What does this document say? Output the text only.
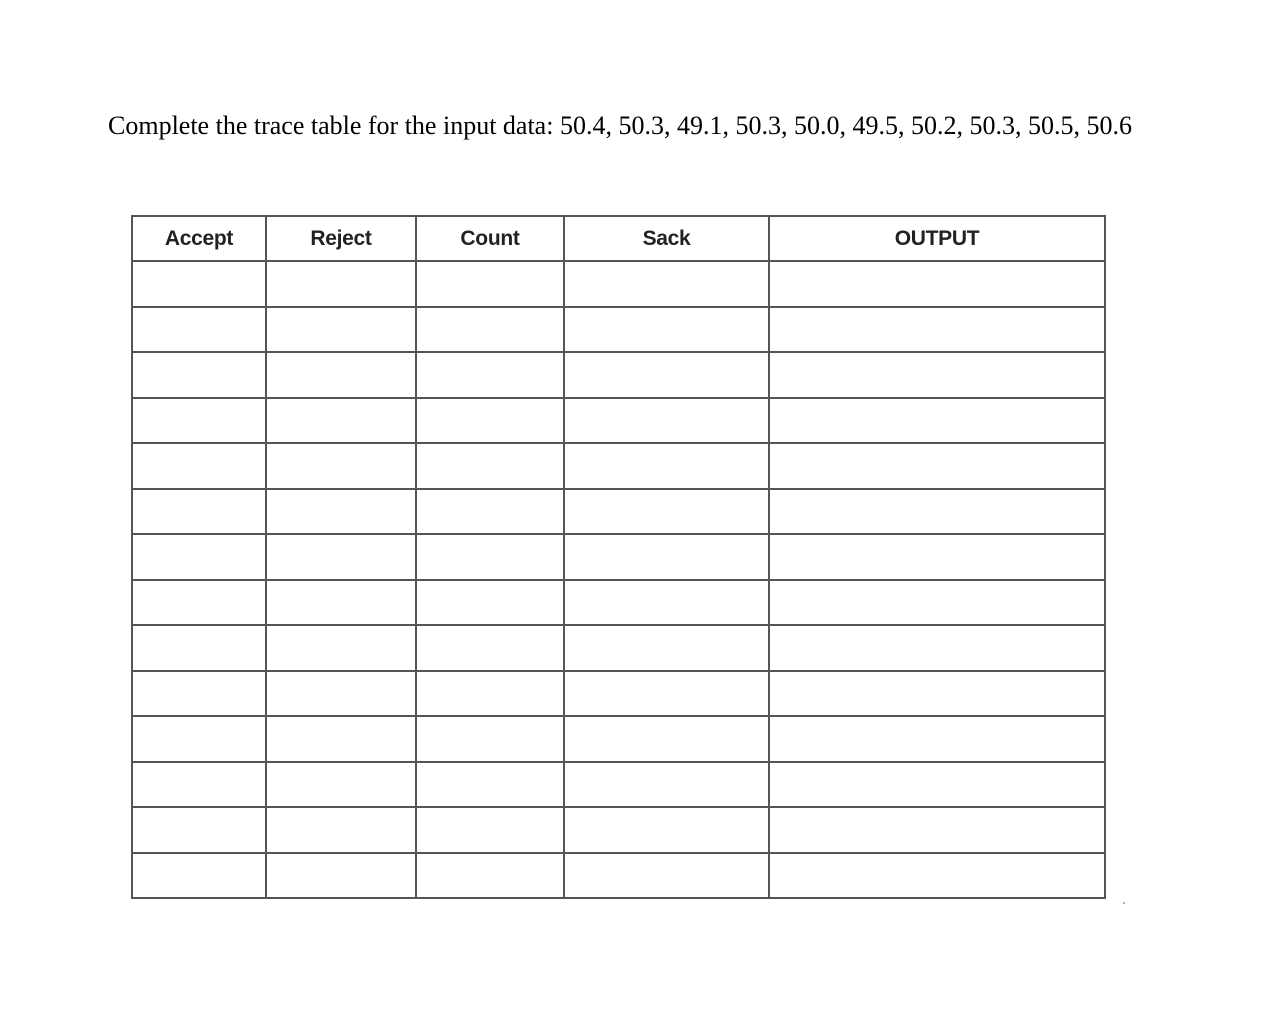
Complete the trace table for the input data: 50.4, 50.3, 49.1, 50.3, 50.0, 49.5, 50.2, 50.3, 50.5, 50.6

Accept	Reject	Count	Sack	OUTPUT
